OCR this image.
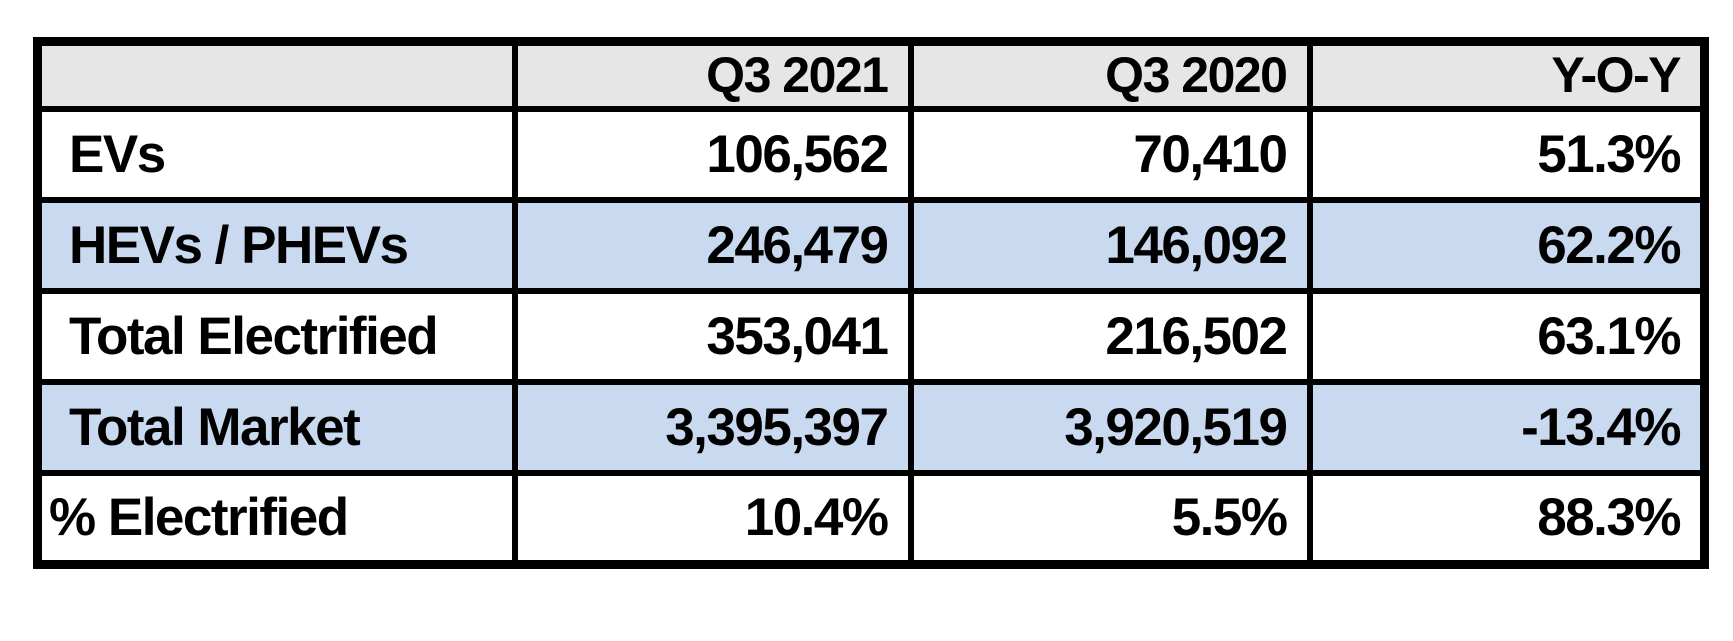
	Q3 2021	Q3 2020	Y-O-Y
EVs	106,562	70,410	51.3%
HEVs / PHEVs	246,479	146,092	62.2%
Total Electrified	353,041	216,502	63.1%
Total Market	3,395,397	3,920,519	-13.4%
% Electrified	10.4%	5.5%	88.3%
